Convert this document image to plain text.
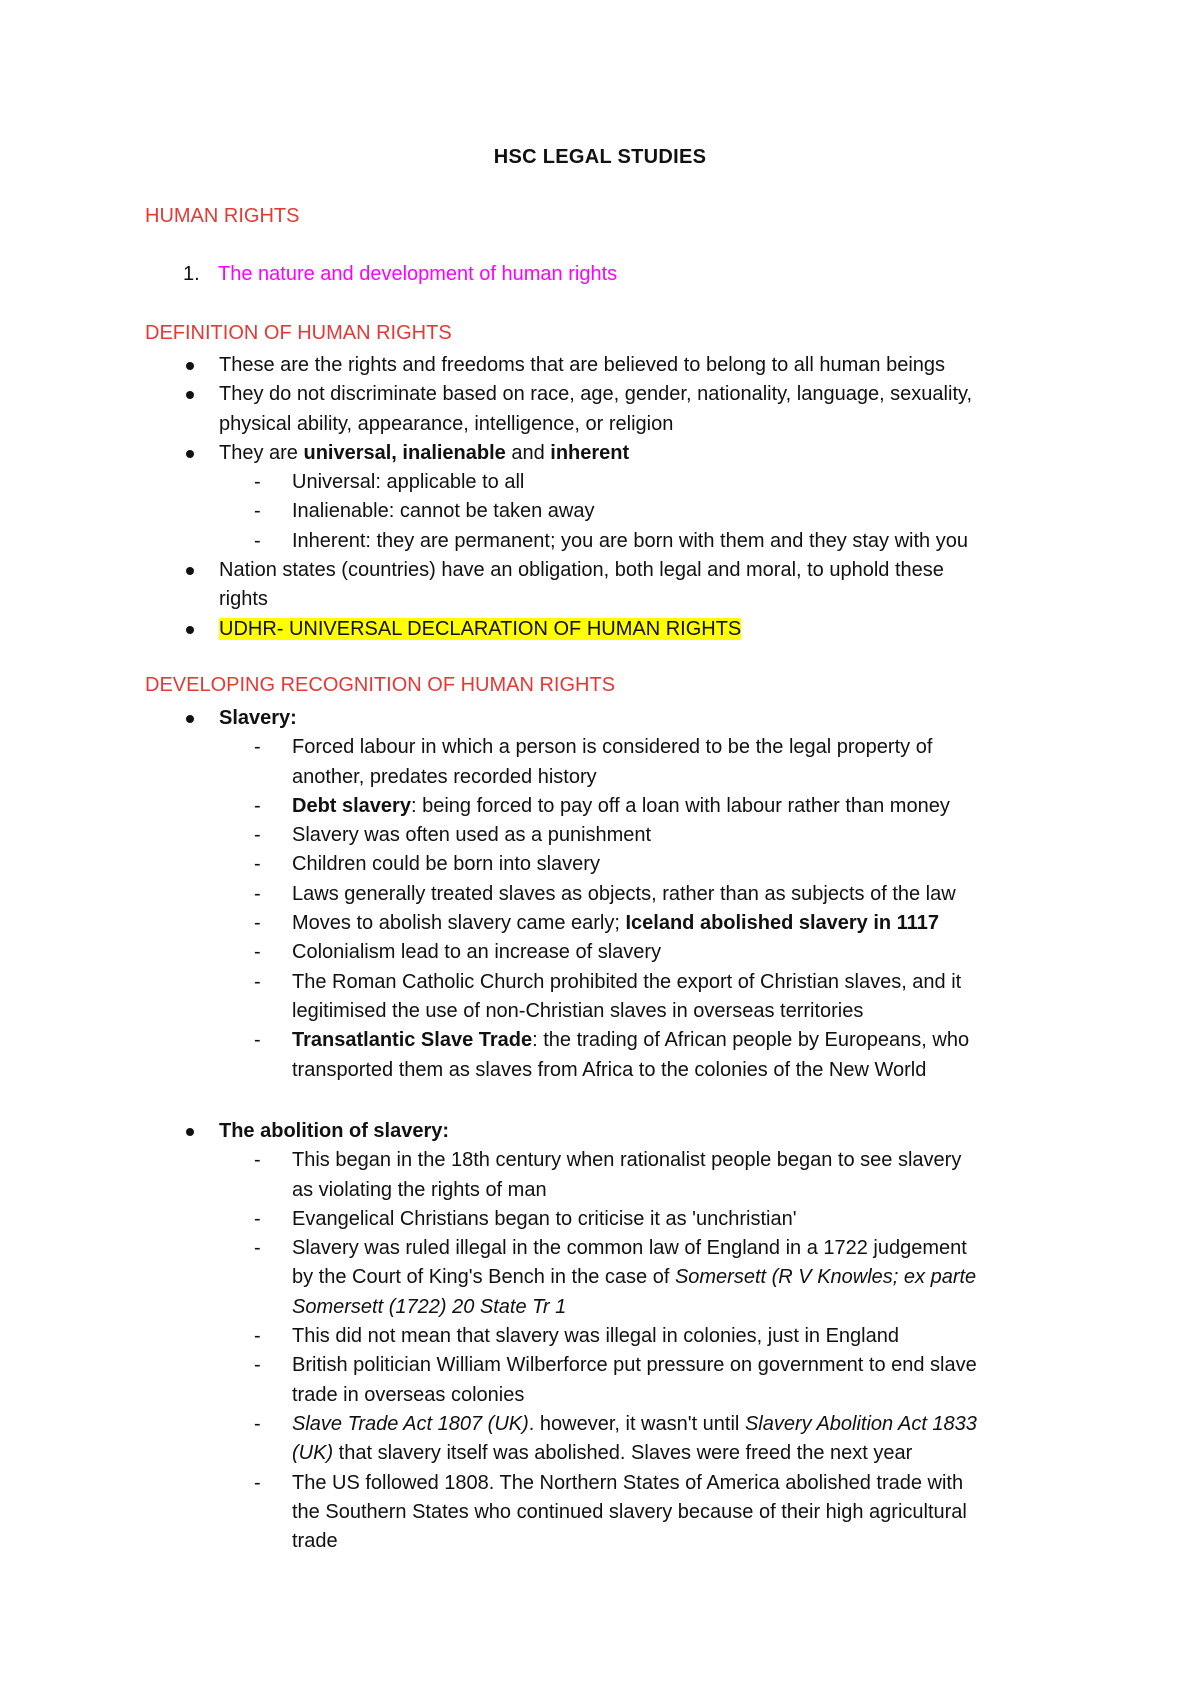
HSC LEGAL STUDIES
HUMAN RIGHTS
1. The nature and development of human rights
DEFINITION OF HUMAN RIGHTS
These are the rights and freedoms that are believed to belong to all human beings
They do not discriminate based on race, age, gender, nationality, language, sexuality,
physical ability, appearance, intelligence, or religion
They are universal, inalienable and inherent
- Universal: applicable to all
- Inalienable: cannot be taken away
- Inherent: they are permanent; you are born with them and they stay with you
Nation states (countries) have an obligation, both legal and moral, to uphold these
rights
UDHR- UNIVERSAL DECLARATION OF HUMAN RIGHTS
DEVELOPING RECOGNITION OF HUMAN RIGHTS
Slavery:
- Forced labour in which a person is considered to be the legal property of
another, predates recorded history
- Debt slavery: being forced to pay off a loan with labour rather than money
- Slavery was often used as a punishment
- Children could be born into slavery
- Laws generally treated slaves as objects, rather than as subjects of the law
- Moves to abolish slavery came early; Iceland abolished slavery in 1117
- Colonialism lead to an increase of slavery
- The Roman Catholic Church prohibited the export of Christian slaves, and it
legitimised the use of non-Christian slaves in overseas territories
- Transatlantic Slave Trade: the trading of African people by Europeans, who
transported them as slaves from Africa to the colonies of the New World
The abolition of slavery:
- This began in the 18th century when rationalist people began to see slavery
as violating the rights of man
- Evangelical Christians began to criticise it as 'unchristian'
- Slavery was ruled illegal in the common law of England in a 1722 judgement
by the Court of King's Bench in the case of Somersett (R V Knowles; ex parte
Somersett (1722) 20 State Tr 1
- This did not mean that slavery was illegal in colonies, just in England
- British politician William Wilberforce put pressure on government to end slave
trade in overseas colonies
- Slave Trade Act 1807 (UK). however, it wasn't until Slavery Abolition Act 1833
(UK) that slavery itself was abolished. Slaves were freed the next year
- The US followed 1808. The Northern States of America abolished trade with
the Southern States who continued slavery because of their high agricultural
trade
